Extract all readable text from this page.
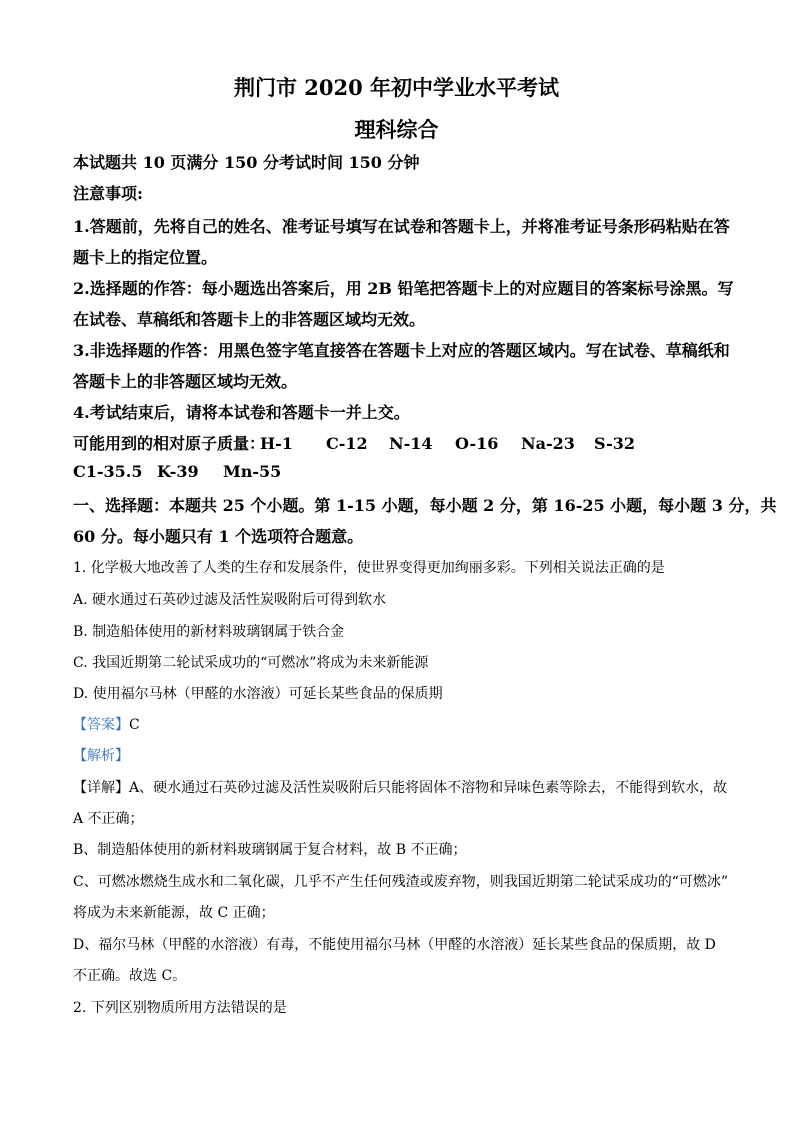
荆门市 2020 年初中学业水平考试
理科综合
本试题共 10 页满分 150 分考试时间 150 分钟
注意事项:
1.答题前，先将自己的姓名、准考证号填写在试卷和答题卡上，并将准考证号条形码粘贴在答
题卡上的指定位置。
2.选择题的作答：每小题选出答案后，用 2B 铅笔把答题卡上的对应题目的答案标号涂黑。写
在试卷、草稿纸和答题卡上的非答题区域均无效。
3.非选择题的作答：用黑色签字笔直接答在答题卡上对应的答题区域内。写在试卷、草稿纸和
答题卡上的非答题区域均无效。
4.考试结束后，请将本试卷和答题卡一并上交。
可能用到的相对原子质量：H-1 C-12 N-14 O-16 Na-23 S-32
C1-35.5 K-39 Mn-55
一、选择题：本题共 25 个小题。第 1-15 小题，每小题 2 分，第 16-25 小题，每小题 3 分，共
60 分。每小题只有 1 个选项符合题意。
1. 化学极大地改善了人类的生存和发展条件，使世界变得更加绚丽多彩。下列相关说法正确的是
A. 硬水通过石英砂过滤及活性炭吸附后可得到软水
B. 制造船体使用的新材料玻璃钢属于铁合金
C. 我国近期第二轮试采成功的“可燃冰”将成为未来新能源
D. 使用福尔马林（甲醛的水溶液）可延长某些食品的保质期
【答案】C
【解析】
【详解】A、硬水通过石英砂过滤及活性炭吸附后只能将固体不溶物和异味色素等除去，不能得到软水，故
A 不正确；
B、制造船体使用的新材料玻璃钢属于复合材料，故 B 不正确；
C、可燃冰燃烧生成水和二氧化碳，几乎不产生任何残渣或废弃物，则我国近期第二轮试采成功的“可燃冰”
将成为未来新能源，故 C 正确；
D、福尔马林（甲醛的水溶液）有毒，不能使用福尔马林（甲醛的水溶液）延长某些食品的保质期，故 D
不正确。故选 C。
2. 下列区别物质所用方法错误的是
